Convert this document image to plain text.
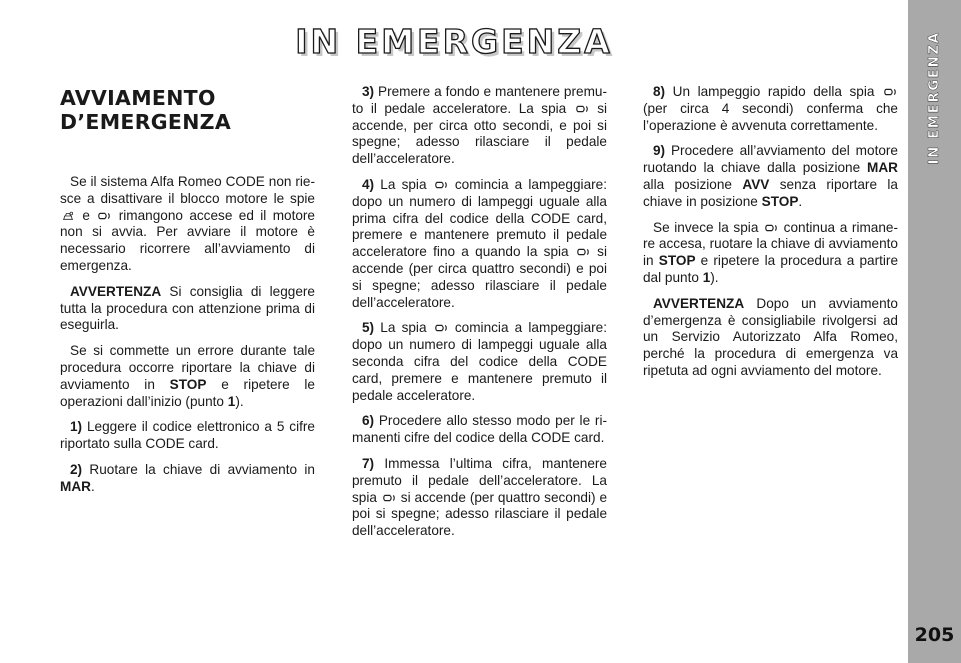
IN EMERGENZA
AVVIAMENTO
D’EMERGENZA

Se il sistema Alfa Romeo CODE non riesce a disattivare il blocco motore le spie  e  rimangono accese ed il motore non si avvia. Per avviare il motore è necessario ricorrere all’avviamento di emergenza.

AVVERTENZA Si consiglia di leggere tutta la procedura con attenzione prima di eseguirla.

Se si commette un errore durante tale procedura occorre riportare la chiave di avviamento in STOP e ripetere le operazioni dall’inizio (punto 1).

1) Leggere il codice elettronico a 5 cifre riportato sulla CODE card.

2) Ruotare la chiave di avviamento in MAR.

3) Premere a fondo e mantenere premuto il pedale acceleratore. La spia  si accende, per circa otto secondi, e poi si spegne; adesso rilasciare il pedale dell’acceleratore.

4) La spia  comincia a lampeggiare: dopo un numero di lampeggi uguale alla prima cifra del codice della CODE card, premere e mantenere premuto il pedale acceleratore fino a quando la spia  si accende (per circa quattro secondi) e poi si spegne; adesso rilasciare il pedale dell’acceleratore.

5) La spia  comincia a lampeggiare: dopo un numero di lampeggi uguale alla seconda cifra del codice della CODE card, premere e mantenere premuto il pedale acceleratore.

6) Procedere allo stesso modo per le rimanenti cifre del codice della CODE card.

7) Immessa l’ultima cifra, mantenere premuto il pedale dell’acceleratore. La spia  si accende (per quattro secondi) e poi si spegne; adesso rilasciare il pedale dell’acceleratore.

8) Un lampeggio rapido della spia  (per circa 4 secondi) conferma che l’operazione è avvenuta correttamente.

9) Procedere all’avviamento del motore ruotando la chiave dalla posizione MAR alla posizione AVV senza riportare la chiave in posizione STOP.

Se invece la spia  continua a rimanere accesa, ruotare la chiave di avviamento in STOP e ripetere la procedura a partire dal punto 1).

AVVERTENZA Dopo un avviamento d’emergenza è consigliabile rivolgersi ad un Servizio Autorizzato Alfa Romeo, perché la procedura di emergenza va ripetuta ad ogni avviamento del motore.

IN EMERGENZA
205
